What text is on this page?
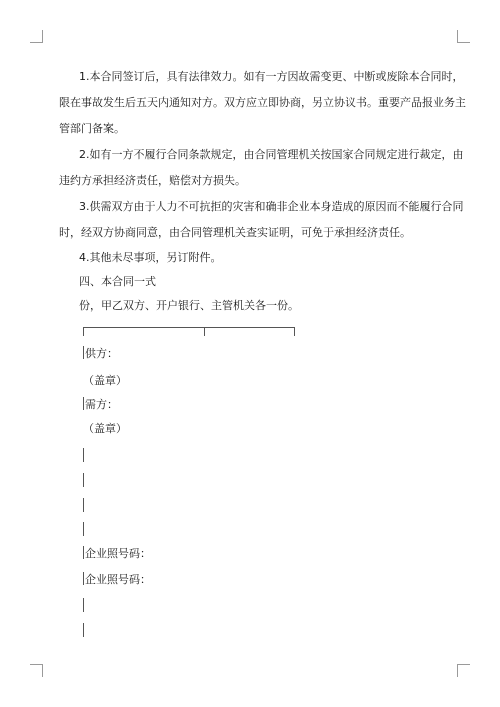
1.本合同签订后，具有法律效力。如有一方因故需变更、中断或废除本合同时，

限在事故发生后五天内通知对方。双方应立即协商，另立协议书。重要产品报业务主

管部门备案。

2.如有一方不履行合同条款规定，由合同管理机关按国家合同规定进行裁定，由

违约方承担经济责任，赔偿对方损失。

3.供需双方由于人力不可抗拒的灾害和确非企业本身造成的原因而不能履行合同

时，经双方协商同意，由合同管理机关查实证明，可免于承担经济责任。

4.其他未尽事项，另订附件。

四、本合同一式

份，甲乙双方、开户银行、主管机关各一份。

供方：
（盖章）
需方：
（盖章）
企业照号码：
企业照号码：
